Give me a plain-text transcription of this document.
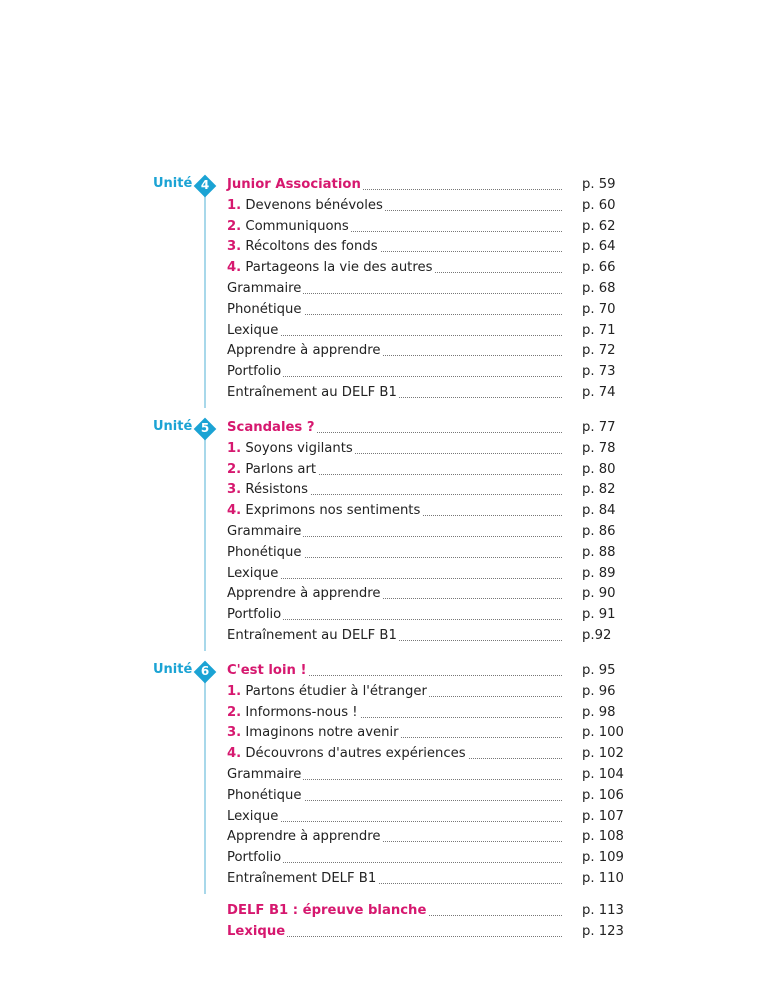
Unité 4	Junior Association	p. 59
1. Devenons bénévoles	p. 60
2. Communiquons	p. 62
3. Récoltons des fonds	p. 64
4. Partageons la vie des autres	p. 66
Grammaire	p. 68
Phonétique	p. 70
Lexique	p. 71
Apprendre à apprendre	p. 72
Portfolio	p. 73
Entraînement au DELF B1	p. 74
Unité 5	Scandales ?	p. 77
1. Soyons vigilants	p. 78
2. Parlons art	p. 80
3. Résistons	p. 82
4. Exprimons nos sentiments	p. 84
Grammaire	p. 86
Phonétique	p. 88
Lexique	p. 89
Apprendre à apprendre	p. 90
Portfolio	p. 91
Entraînement au DELF B1	p.92
Unité 6	C'est loin !	p. 95
1. Partons étudier à l'étranger	p. 96
2. Informons-nous !	p. 98
3. Imaginons notre avenir	p. 100
4. Découvrons d'autres expériences	p. 102
Grammaire	p. 104
Phonétique	p. 106
Lexique	p. 107
Apprendre à apprendre	p. 108
Portfolio	p. 109
Entraînement DELF B1	p. 110
DELF B1 : épreuve blanche	p. 113
Lexique	p. 123
